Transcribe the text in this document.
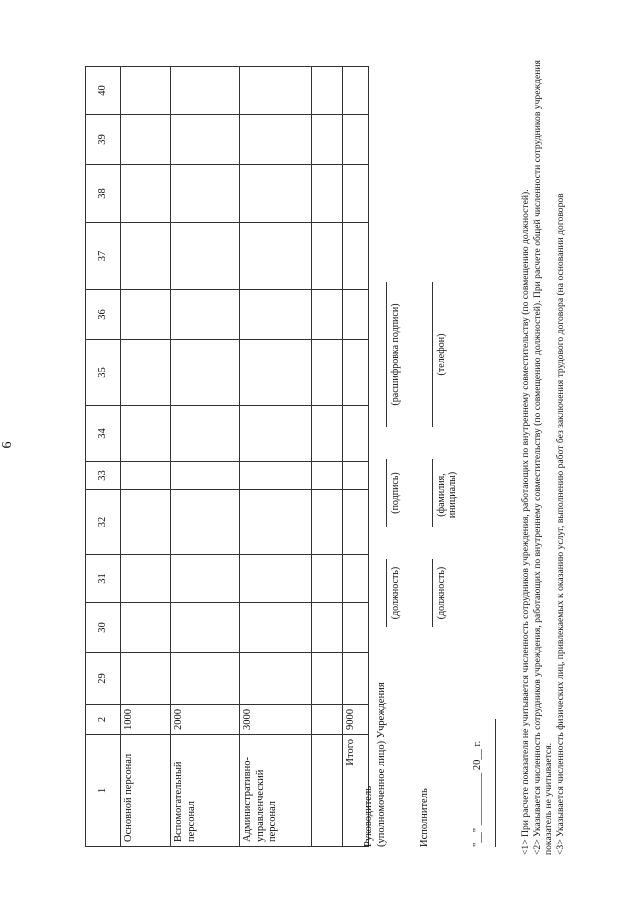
6
1	2	29	30	31	32	33	34	35	36	37	38	39	40
Основной персонал	1000												
Вспомогательный персонал	2000												
Административно-управленческий персонал	3000												

Итого	9000												
Руководитель (уполномоченное лицо) Учреждения
(должность)
(подпись)
(расшифровка подписи)
Исполнитель
(должность)
(фамилия, инициалы)
(телефон)
"__" __________ 20__ г.	<1> При расчете показателя не учитывается численность сотрудников учреждения, работающих по внутреннему совместительству (по совмещению должностей). <2> Указывается численность сотрудников учреждения, работающих по внутреннему совместительству (по совмещению должностей). При расчете общей численности сотрудников учреждения показатель не учитывается. <3> Указывается численность физических лиц, привлекаемых к оказанию услуг, выполнению работ без заключения трудового договора (на основании договоров
